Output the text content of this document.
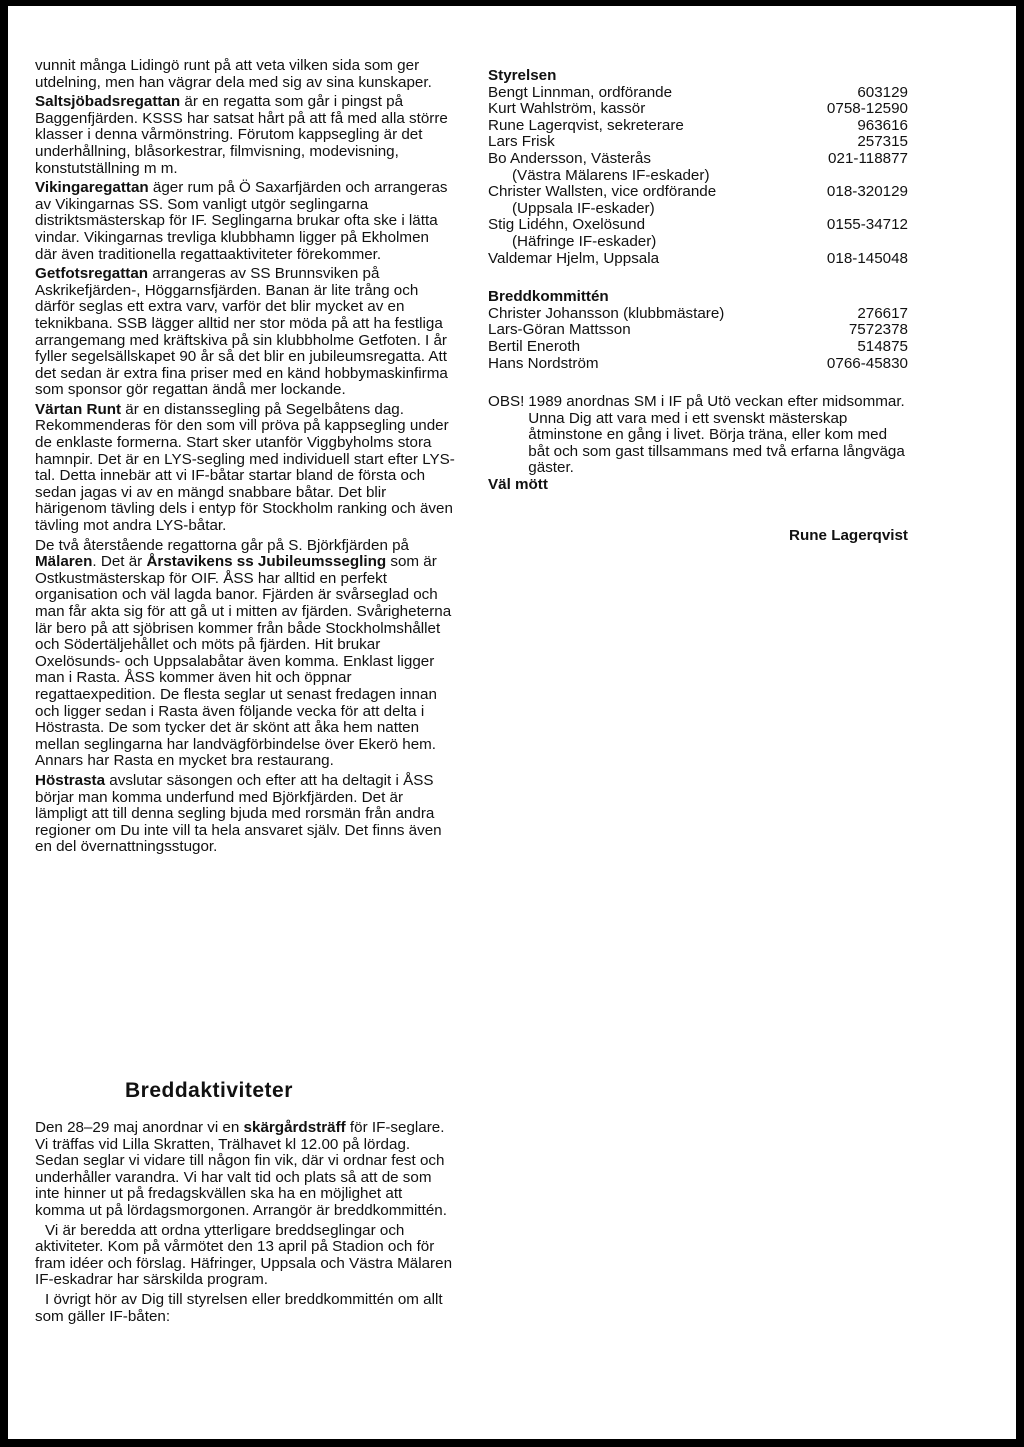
vunnit många Lidingö runt på att veta vilken sida som ger utdelning, men han vägrar dela med sig av sina kunskaper.

Saltsjöbadsregattan är en regatta som går i pingst på Baggenfjärden. KSSS har satsat hårt på att få med alla större klasser i denna vårmönstring. Förutom kappsegling är det underhållning, blåsorkestrar, filmvisning, modevisning, konstutställning m m.

Vikingaregattan äger rum på Ö Saxarfjärden och arrangeras av Vikingarnas SS. Som vanligt utgör seglingarna distriktsmästerskap för IF. Seglingarna brukar ofta ske i lätta vindar. Vikingarnas trevliga klubbhamn ligger på Ekholmen där även traditionella regattaaktiviteter förekommer.

Getfotsregattan arrangeras av SS Brunnsviken på Askrikefjärden-, Höggarnsfjärden. Banan är lite trång och därför seglas ett extra varv, varför det blir mycket av en teknikbana. SSB lägger alltid ner stor möda på att ha festliga arrangemang med kräftskiva på sin klubbholme Getfoten. I år fyller segelsällskapet 90 år så det blir en jubileumsregatta. Att det sedan är extra fina priser med en känd hobbymaskinfirma som sponsor gör regattan ändå mer lockande.

Värtan Runt är en distanssegling på Segelbåtens dag. Rekommenderas för den som vill pröva på kappsegling under de enklaste formerna. Start sker utanför Viggbyholms stora hamnpir. Det är en LYS-segling med individuell start efter LYS-tal. Detta innebär att vi IF-båtar startar bland de första och sedan jagas vi av en mängd snabbare båtar. Det blir härigenom tävling dels i entyp för Stockholm ranking och även tävling mot andra LYS-båtar.

De två återstående regattorna går på S. Björkfjärden på Mälaren. Det är Årstavikens ss Jubileumssegling som är Ostkustmästerskap för OIF. ÅSS har alltid en perfekt organisation och väl lagda banor. Fjärden är svårseglad och man får akta sig för att gå ut i mitten av fjärden. Svårigheterna lär bero på att sjöbrisen kommer från både Stockholmshållet och Södertäljehållet och möts på fjärden. Hit brukar Oxelösunds- och Uppsalabåtar även komma. Enklast ligger man i Rasta. ÅSS kommer även hit och öppnar regattaexpedition. De flesta seglar ut senast fredagen innan och ligger sedan i Rasta även följande vecka för att delta i Höstrasta. De som tycker det är skönt att åka hem natten mellan seglingarna har landvägförbindelse över Ekerö hem. Annars har Rasta en mycket bra restaurang.

Höstrasta avslutar säsongen och efter att ha deltagit i ÅSS börjar man komma underfund med Björkfjärden. Det är lämpligt att till denna segling bjuda med rorsmän från andra regioner om Du inte vill ta hela ansvaret själv. Det finns även en del övernattningsstugor.

Styrelsen

Bengt Linnman, ordförande	603129
Kurt Wahlström, kassör	0758-12590
Rune Lagerqvist, sekreterare	963616
Lars Frisk	257315
Bo Andersson, Västerås	021-118877
(Västra Mälarens IF-eskader)	
Christer Wallsten, vice ordförande	018-320129
(Uppsala IF-eskader)	
Stig Lidéhn, Oxelösund	0155-34712
(Häfringe IF-eskader)	
Valdemar Hjelm, Uppsala	018-145048

Breddkommittén

Christer Johansson (klubbmästare)	276617
Lars-Göran Mattsson	7572378
Bertil Eneroth	514875
Hans Nordström	0766-45830
OBS! 1989 anordnas SM i IF på Utö veckan efter midsommar. Unna Dig att vara med i ett svenskt mästerskap åtminstone en gång i livet. Börja träna, eller kom med båt och som gast tillsammans med två erfarna långväga gäster.

Väl mött

Rune Lagerqvist
Breddaktiviteter

Den 28–29 maj anordnar vi en skärgårdsträff för IF-seglare. Vi träffas vid Lilla Skratten, Trälhavet kl 12.00 på lördag. Sedan seglar vi vidare till någon fin vik, där vi ordnar fest och underhåller varandra. Vi har valt tid och plats så att de som inte hinner ut på fredagskvällen ska ha en möjlighet att komma ut på lördagsmorgonen. Arrangör är breddkommittén.

Vi är beredda att ordna ytterligare breddseglingar och aktiviteter. Kom på vårmötet den 13 april på Stadion och för fram idéer och förslag. Häfringer, Uppsala och Västra Mälaren IF-eskadrar har särskilda program.

I övrigt hör av Dig till styrelsen eller breddkommittén om allt som gäller IF-båten:
